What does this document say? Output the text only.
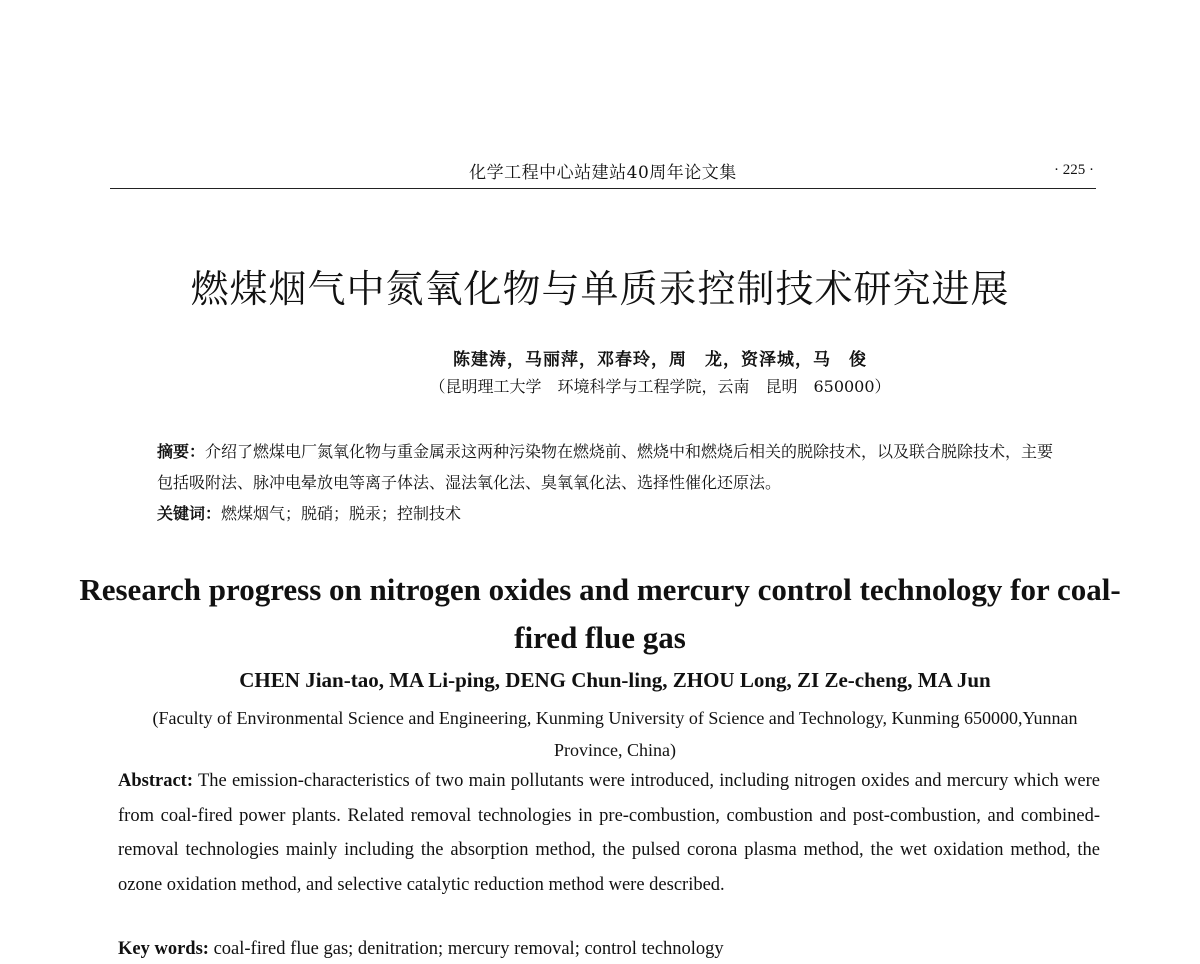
化学工程中心站建站40周年论文集	· 225 ·
燃煤烟气中氮氧化物与单质汞控制技术研究进展
陈建涛，马丽萍，邓春玲，周　龙，资泽城，马　俊
（昆明理工大学　环境科学与工程学院，云南　昆明　650000）
摘要：介绍了燃煤电厂氮氧化物与重金属汞这两种污染物在燃烧前、燃烧中和燃烧后相关的脱除技术，以及联合脱除技术，主要包括吸附法、脉冲电晕放电等离子体法、湿法氧化法、臭氧氧化法、选择性催化还原法。
关键词：燃煤烟气；脱硝；脱汞；控制技术
Research progress on nitrogen oxides and mercury control technology for coal-fired flue gas
CHEN Jian-tao, MA Li-ping, DENG Chun-ling, ZHOU Long, ZI Ze-cheng, MA Jun
(Faculty of Environmental Science and Engineering, Kunming University of Science and Technology, Kunming 650000,Yunnan Province, China)
Abstract: The emission-characteristics of two main pollutants were introduced, including nitrogen oxides and mercury which were from coal-fired power plants. Related removal technologies in pre-combustion, combustion and post-combustion, and combined-removal technologies mainly including the absorption method, the pulsed corona plasma method, the wet oxidation method, the ozone oxidation method, and selective catalytic reduction method were described.
Key words: coal-fired flue gas; denitration; mercury removal; control technology
